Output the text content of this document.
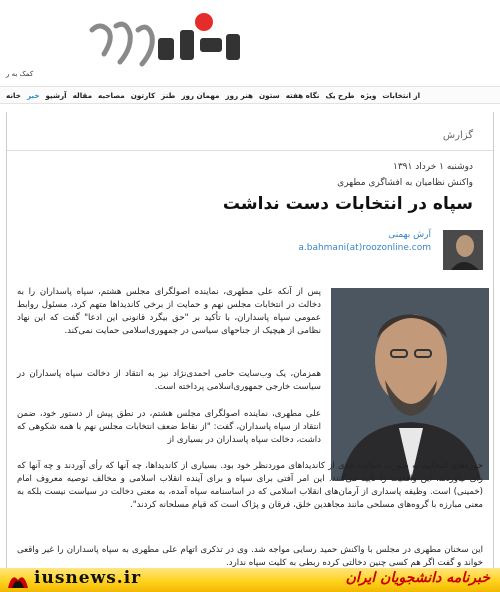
کمک به ر
خانه خبر آرشیو مقاله مصاحبه کارتون طنز مهمان روز هنر روز ستون نگاه هفته طرح یک ویژه از انتخابات
گزارش
دوشنبه ۱ خرداد ۱۳۹۱
واکنش نظامیان به افشاگری مطهری
سپاه در انتخابات دست نداشت
آرش بهمنی
a.bahmani(at)roozonline.com

پس از آنکه علی مطهری، نماینده اصولگرای مجلس هشتم، سپاه پاسداران را به دخالت در انتخابات مجلس نهم و حمایت از برخی کاندیداها متهم کرد، مسئول روابط عمومی سپاه پاسداران، با تأکید بر "حق بیگرد قانونی این ادعا" گفت که این نهاد نظامی از هیچیک از جناحهای سیاسی در جمهوری‌اسلامی حمایت نمی‌کند.

همزمان، یک وب‌سایت حامی احمدی‌نژاد نیز به انتقاد از دخالت سپاه پاسداران در سیاست خارجی جمهوری‌اسلامی پرداخته است.

علی مطهری، نماینده اصولگرای مجلس هشتم، در نطق پیش از دستور خود، ضمن انتقاد از سپاه پاسداران، گفت: "از نقاط ضعف انتخابات مجلس نهم با همه شکوهی که داشت، دخالت سپاه پاسداران در بسیاری از

حوزه‌های انتخابیه به صورت حمایت جدی از کاندیداهای موردنظر خود بود. بسیاری از کاندیداها، چه آنها که رأی آوردند و چه آنها که رأی نیاوردند، این واقعیت را تأیید می‌کنند. این امر آفتی برای سپاه و برای آینده انقلاب اسلامی و مخالف توصیه معروف امام (خمینی) است. وظیفه پاسداری از آرمان‌های انقلاب اسلامی که در اساسنامه سپاه آمده، به معنی دخالت در سیاست نیست بلکه به معنی مبارزه با گروه‌های مسلحی مانند مجاهدین خلق، فرقان و پژاک است که قیام مسلحانه کردند".

این سخنان مطهری در مجلس با واکنش حمید رسایی مواجه شد. وی در تذکری اتهام علی مطهری به سپاه پاسداران را غیر واقعی خواند و گفت اگر هم کسی چنین دخالتی کرده ربطی به کلیت سپاه ندارد.

iusnews.ir	خبرنامه دانشجویان ایران
